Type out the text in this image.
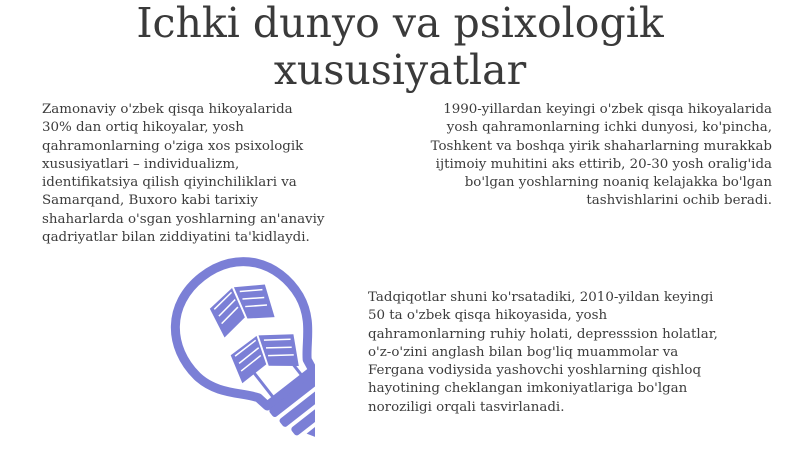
Ichki dunyo va psixologik
xususiyatlar

Zamonaviy o'zbek qisqa hikoyalarida
30% dan ortiq hikoyalar, yosh
qahramonlarning o'ziga xos psixologik
xususiyatlari – individualizm,
identifikatsiya qilish qiyinchiliklari va
Samarqand, Buxoro kabi tarixiy
shaharlarda o'sgan yoshlarning an'anaviy
qadriyatlar bilan ziddiyatini ta'kidlaydi.

1990-yillardan keyingi o'zbek qisqa hikoyalarida
yosh qahramonlarning ichki dunyosi, ko'pincha,
Toshkent va boshqa yirik shaharlarning murakkab
ijtimoiy muhitini aks ettirib, 20-30 yosh oralig'ida
bo'lgan yoshlarning noaniq kelajakka bo'lgan
tashvishlarini ochib beradi.

Tadqiqotlar shuni ko'rsatadiki, 2010-yildan keyingi
50 ta o'zbek qisqa hikoyasida, yosh
qahramonlarning ruhiy holati, depresssion holatlar,
o'z-o'zini anglash bilan bog'liq muammolar va
Fergana vodiysida yashovchi yoshlarning qishloq
hayotining cheklangan imkoniyatlariga bo'lgan
noroziligi orqali tasvirlanadi.
